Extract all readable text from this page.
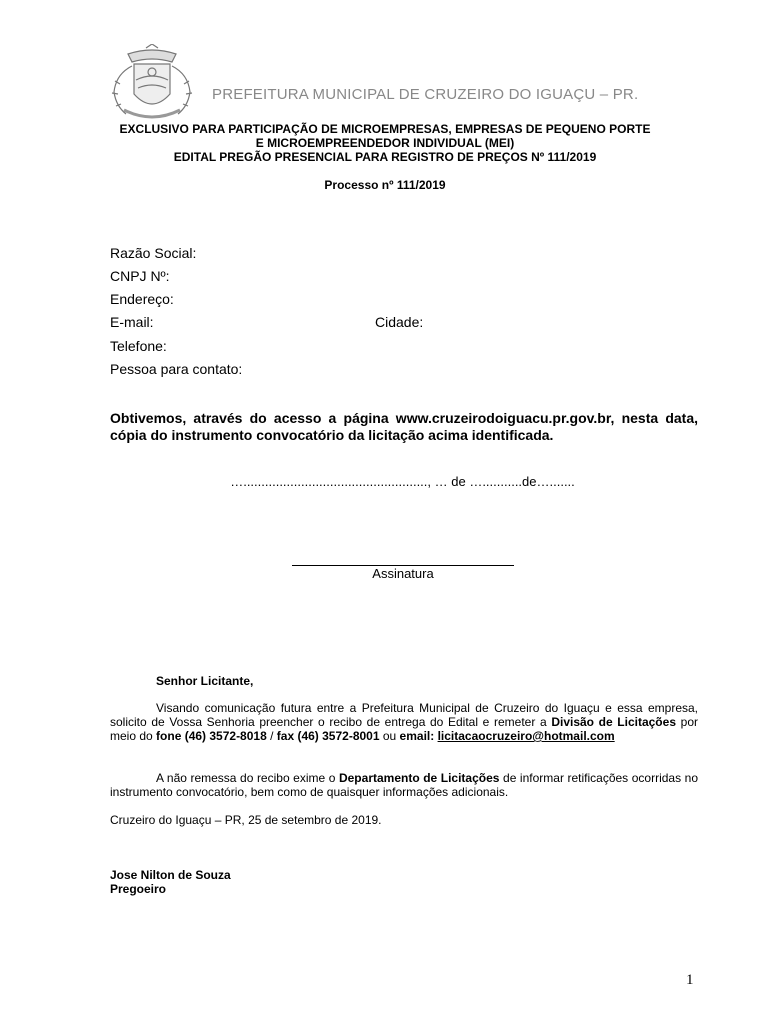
PREFEITURA MUNICIPAL DE CRUZEIRO DO IGUAÇU – PR.
EXCLUSIVO PARA PARTICIPAÇÃO DE MICROEMPRESAS, EMPRESAS DE PEQUENO PORTE
E MICROEMPREENDEDOR INDIVIDUAL (MEI)
EDITAL PREGÃO PRESENCIAL PARA REGISTRO DE PREÇOS Nº 111/2019
Processo nº 111/2019
Razão Social:
CNPJ Nº:
Endereço:
E-mail:	Cidade:
Telefone:
Pessoa para contato:
Obtivemos, através do acesso a página www.cruzeirodoiguacu.pr.gov.br, nesta data, cópia do instrumento convocatório da licitação acima identificada.
…..................................................., … de …...........de….......
Assinatura
Senhor Licitante,
Visando comunicação futura entre a Prefeitura Municipal de Cruzeiro do Iguaçu e essa empresa, solicito de Vossa Senhoria preencher o recibo de entrega do Edital e remeter a Divisão de Licitações por meio do fone (46) 3572-8018 / fax (46) 3572-8001 ou email: licitacaocruzeiro@hotmail.com
A não remessa do recibo exime o Departamento de Licitações de informar retificações ocorridas no instrumento convocatório, bem como de quaisquer informações adicionais.
Cruzeiro do Iguaçu – PR, 25 de setembro de 2019.
Jose Nilton de Souza
Pregoeiro
1
